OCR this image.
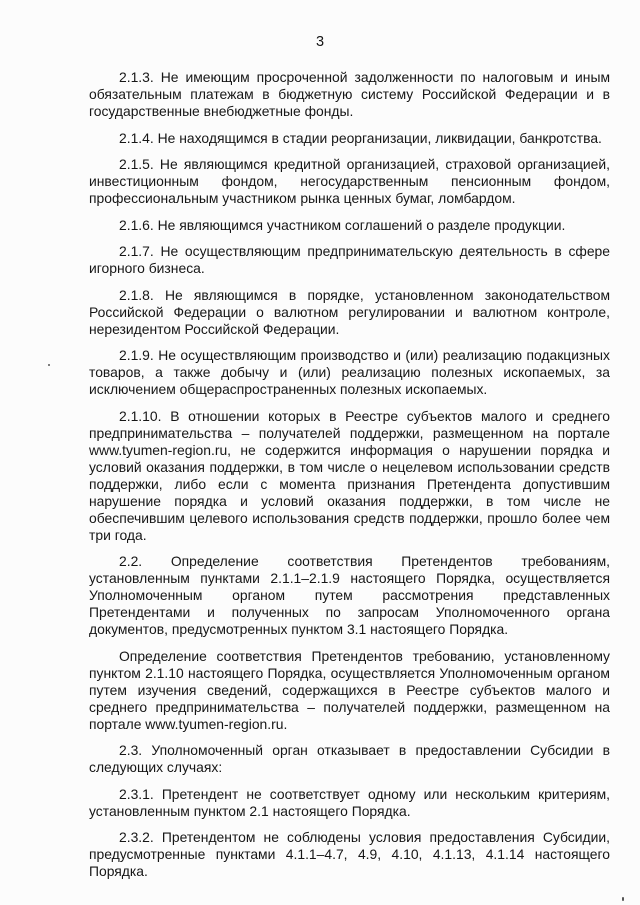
3

2.1.3. Не имеющим просроченной задолженности по налоговым и иным обязательным платежам в бюджетную систему Российской Федерации и в государственные внебюджетные фонды.

2.1.4. Не находящимся в стадии реорганизации, ликвидации, банкротства.

2.1.5. Не являющимся кредитной организацией, страховой организацией, инвестиционным фондом, негосударственным пенсионным фондом, профессиональным участником рынка ценных бумаг, ломбардом.

2.1.6. Не являющимся участником соглашений о разделе продукции.

2.1.7. Не осуществляющим предпринимательскую деятельность в сфере игорного бизнеса.

2.1.8. Не являющимся в порядке, установленном законодательством Российской Федерации о валютном регулировании и валютном контроле, нерезидентом Российской Федерации.

2.1.9. Не осуществляющим производство и (или) реализацию подакцизных товаров, а также добычу и (или) реализацию полезных ископаемых, за исключением общераспространенных полезных ископаемых.

2.1.10. В отношении которых в Реестре субъектов малого и среднего предпринимательства – получателей поддержки, размещенном на портале www.tyumen-region.ru, не содержится информация о нарушении порядка и условий оказания поддержки, в том числе о нецелевом использовании средств поддержки, либо если с момента признания Претендента допустившим нарушение порядка и условий оказания поддержки, в том числе не обеспечившим целевого использования средств поддержки, прошло более чем три года.

2.2. Определение соответствия Претендентов требованиям, установленным пунктами 2.1.1–2.1.9 настоящего Порядка, осуществляется Уполномоченным органом путем рассмотрения представленных Претендентами и полученных по запросам Уполномоченного органа документов, предусмотренных пунктом 3.1 настоящего Порядка.

Определение соответствия Претендентов требованию, установленному пунктом 2.1.10 настоящего Порядка, осуществляется Уполномоченным органом путем изучения сведений, содержащихся в Реестре субъектов малого и среднего предпринимательства – получателей поддержки, размещенном на портале www.tyumen-region.ru.

2.3. Уполномоченный орган отказывает в предоставлении Субсидии в следующих случаях:

2.3.1. Претендент не соответствует одному или нескольким критериям, установленным пунктом 2.1 настоящего Порядка.

2.3.2. Претендентом не соблюдены условия предоставления Субсидии, предусмотренные пунктами 4.1.1–4.7, 4.9, 4.10, 4.1.13, 4.1.14 настоящего Порядка.
